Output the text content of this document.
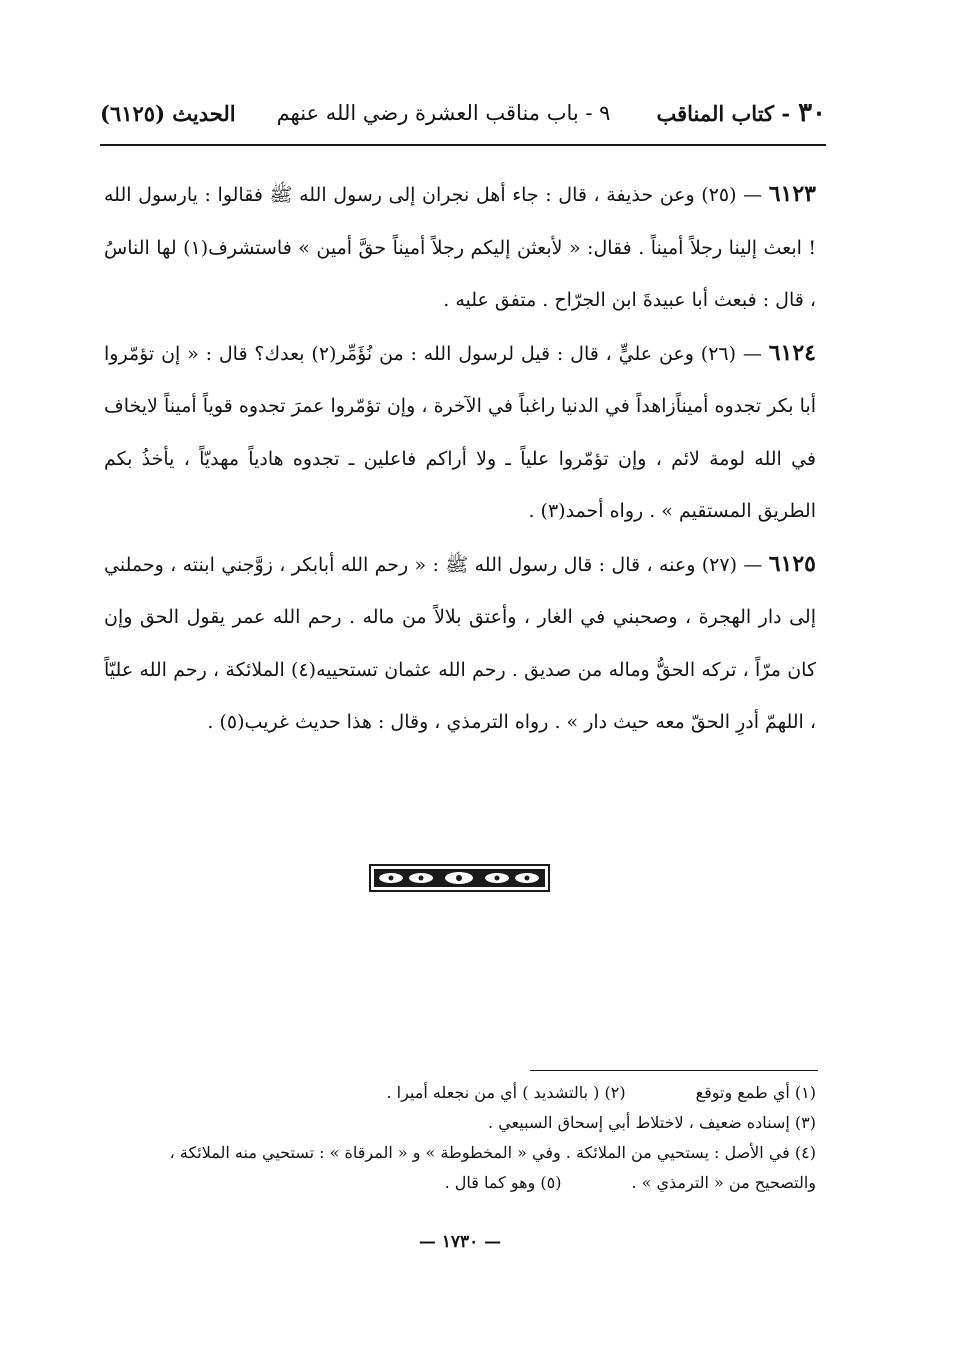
٣٠
- كتاب المناقب
٩ - باب مناقب العشرة رضي الله عنهم
الحديث (٦١٢٥)

٦١٢٣ — (٢٥) وعن حذيفة ، قال : جاء أهل نجران إلى رسول الله ﷺ فقالوا : يارسول الله ! ابعث إلينا رجلاً أميناً . فقال: « لأبعثن إليكم رجلاً أميناً حقَّ أمين » فاستشرف(١) لها الناسُ ، قال : فبعث أبا عبيدةَ ابن الجرّاح . متفق عليه .

٦١٢٤ — (٢٦) وعن عليٍّ ، قال : قيل لرسول الله : من نُؤَمِّر(٢) بعدك؟ قال : « إن تؤمّروا أبا بكر تجدوه أميناًزاهداً في الدنيا راغباً في الآخرة ، وإن تؤمّروا عمرَ تجدوه قوياً أميناً لايخاف في الله لومة لائم ، وإن تؤمّروا علياً ـ ولا أراكم فاعلين ـ تجدوه هادياً مهديّاً ، يأخذُ بكم الطريق المستقيم » . رواه أحمد(٣) .

٦١٢٥ — (٢٧) وعنه ، قال : قال رسول الله ﷺ : « رحم الله أبابكر ، زوَّجني ابنته ، وحملني إلى دار الهجرة ، وصحبني في الغار ، وأعتق بلالاً من ماله . رحم الله عمر يقول الحق وإن كان مرّاً ، تركه الحقُّ وماله من صديق . رحم الله عثمان تستحييه(٤) الملائكة ، رحم الله عليّاً ، اللهمّ أدرِ الحقّ معه حيث دار » . رواه الترمذي ، وقال : هذا حديث غريب(٥) .

(١) أي طمع وتوقع(٢) ( بالتشديد ) أي من نجعله أميرا .
(٣) إسناده ضعيف ، لاختلاط أبي إسحاق السبيعي .
(٤) في الأصل : يستحيي من الملائكة . وفي « المخطوطة » و « المرقاة » : تستحيي منه الملائكة ،
والتصحيح من « الترمذي » .(٥) وهو كما قال .
— ١٧٣٠ —
